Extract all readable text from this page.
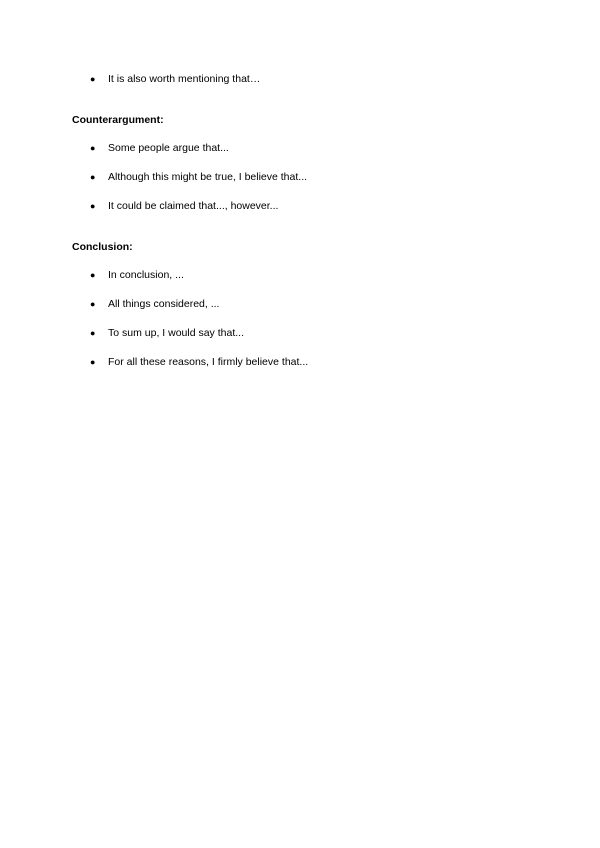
● It is also worth mentioning that…
Counterargument:
● Some people argue that...
● Although this might be true, I believe that...
● It could be claimed that..., however...
Conclusion:
● In conclusion, ...
● All things considered, ...
● To sum up, I would say that...
● For all these reasons, I firmly believe that...
